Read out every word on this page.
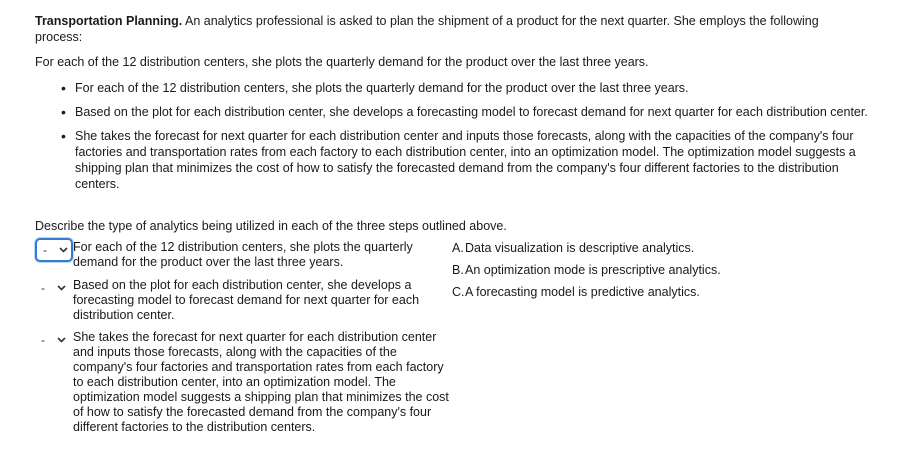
Transportation Planning. An analytics professional is asked to plan the shipment of a product for the next quarter. She employs the following process:
For each of the 12 distribution centers, she plots the quarterly demand for the product over the last three years.
• For each of the 12 distribution centers, she plots the quarterly demand for the product over the last three years.
• Based on the plot for each distribution center, she develops a forecasting model to forecast demand for next quarter for each distribution center.
• She takes the forecast for next quarter for each distribution center and inputs those forecasts, along with the capacities of the company's four factories and transportation rates from each factory to each distribution center, into an optimization model. The optimization model suggests a shipping plan that minimizes the cost of how to satisfy the forecasted demand from the company's four different factories to the distribution centers.
Describe the type of analytics being utilized in each of the three steps outlined above.
-	For each of the 12 distribution centers, she plots the quarterly demand for the product over the last three years.
-	Based on the plot for each distribution center, she develops a forecasting model to forecast demand for next quarter for each distribution center.
-	She takes the forecast for next quarter for each distribution center and inputs those forecasts, along with the capacities of the company's four factories and transportation rates from each factory to each distribution center, into an optimization model. The optimization model suggests a shipping plan that minimizes the cost of how to satisfy the forecasted demand from the company's four different factories to the distribution centers.
A.Data visualization is descriptive analytics.
B.An optimization mode is prescriptive analytics.
C.A forecasting model is predictive analytics.
